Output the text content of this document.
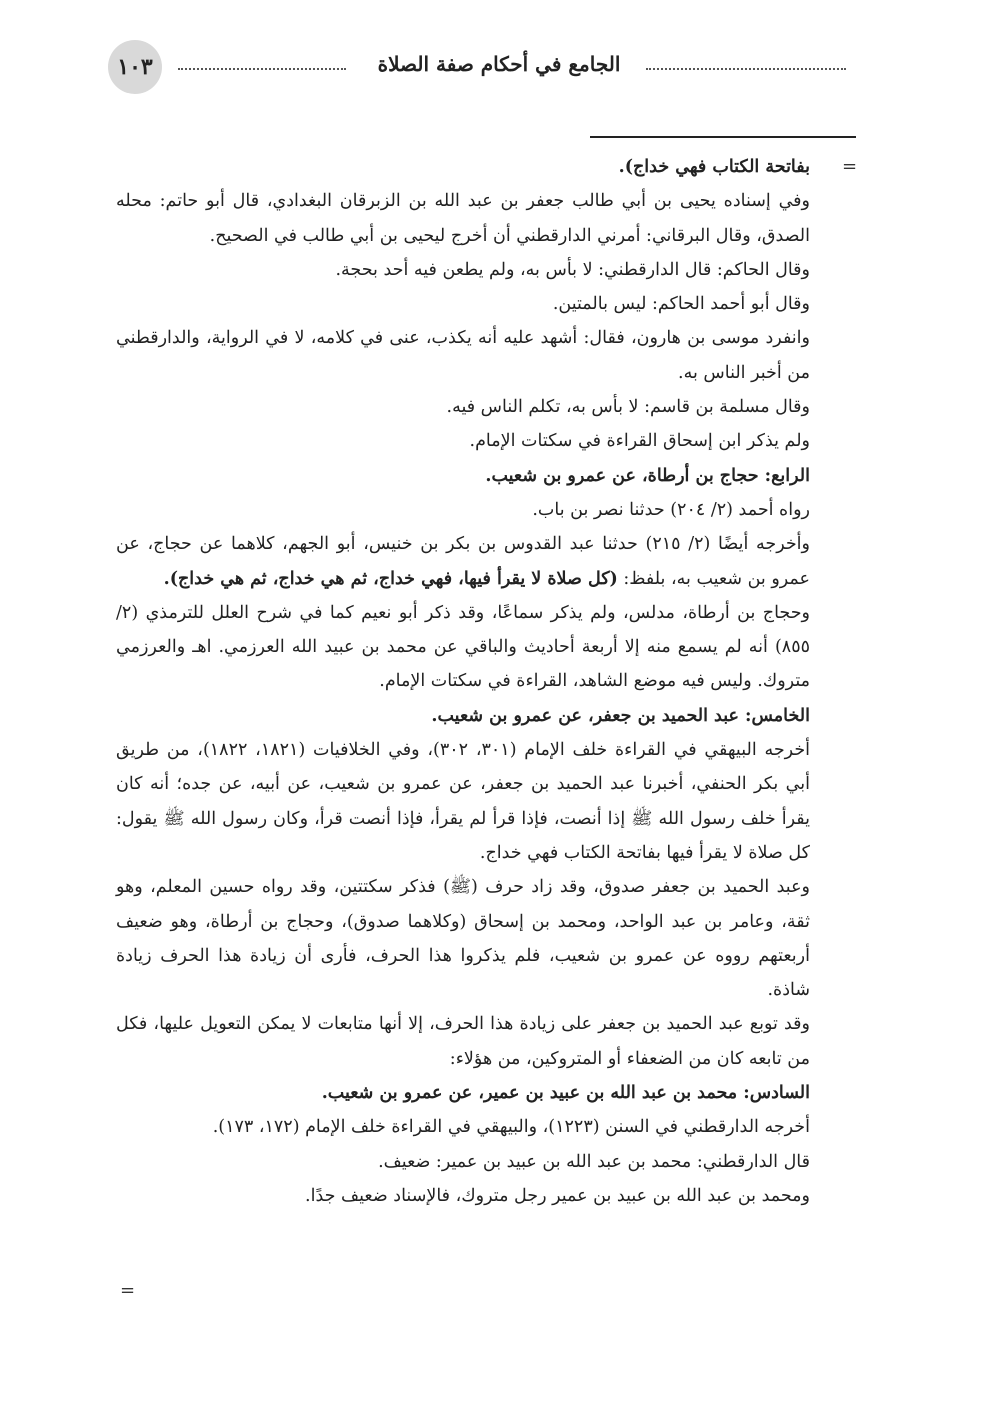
١٠٣	الجامع في أحكام صفة الصلاة
=
=

بفاتحة الكتاب فهي خداج).

وفي إسناده يحيى بن أبي طالب جعفر بن عبد الله بن الزبرقان البغدادي، قال أبو حاتم: محله الصدق، وقال البرقاني: أمرني الدارقطني أن أخرج ليحيى بن أبي طالب في الصحيح.

وقال الحاكم: قال الدارقطني: لا بأس به، ولم يطعن فيه أحد بحجة.

وقال أبو أحمد الحاكم: ليس بالمتين.

وانفرد موسى بن هارون، فقال: أشهد عليه أنه يكذب، عنى في كلامه، لا في الرواية، والدارقطني من أخبر الناس به.

وقال مسلمة بن قاسم: لا بأس به، تكلم الناس فيه.

ولم يذكر ابن إسحاق القراءة في سكتات الإمام.

الرابع: حجاج بن أرطاة، عن عمرو بن شعيب.

رواه أحمد (٢/ ٢٠٤) حدثنا نصر بن باب.

وأخرجه أيضًا (٢/ ٢١٥) حدثنا عبد القدوس بن بكر بن خنيس، أبو الجهم، كلاهما عن حجاج، عن عمرو بن شعيب به، بلفظ: (كل صلاة لا يقرأ فيها، فهي خداج، ثم هي خداج، ثم هي خداج).

وحجاج بن أرطاة، مدلس، ولم يذكر سماعًا، وقد ذكر أبو نعيم كما في شرح العلل للترمذي (٢/ ٨٥٥) أنه لم يسمع منه إلا أربعة أحاديث والباقي عن محمد بن عبيد الله العرزمي. اهـ والعرزمي متروك. وليس فيه موضع الشاهد، القراءة في سكتات الإمام.

الخامس: عبد الحميد بن جعفر، عن عمرو بن شعيب.

أخرجه البيهقي في القراءة خلف الإمام (٣٠١، ٣٠٢)، وفي الخلافيات (١٨٢١، ١٨٢٢)، من طريق أبي بكر الحنفي، أخبرنا عبد الحميد بن جعفر، عن عمرو بن شعيب، عن أبيه، عن جده؛ أنه كان يقرأ خلف رسول الله ﷺ إذا أنصت، فإذا قرأ لم يقرأ، فإذا أنصت قرأ، وكان رسول الله ﷺ يقول: كل صلاة لا يقرأ فيها بفاتحة الكتاب فهي خداج.

وعبد الحميد بن جعفر صدوق، وقد زاد حرف (ﷺ) فذكر سكتتين، وقد رواه حسين المعلم، وهو ثقة، وعامر بن عبد الواحد، ومحمد بن إسحاق (وكلاهما صدوق)، وحجاج بن أرطاة، وهو ضعيف أربعتهم رووه عن عمرو بن شعيب، فلم يذكروا هذا الحرف، فأرى أن زيادة هذا الحرف زيادة شاذة.

وقد توبع عبد الحميد بن جعفر على زيادة هذا الحرف، إلا أنها متابعات لا يمكن التعويل عليها، فكل من تابعه كان من الضعفاء أو المتروكين، من هؤلاء:

السادس: محمد بن عبد الله بن عبيد بن عمير، عن عمرو بن شعيب.

أخرجه الدارقطني في السنن (١٢٢٣)، والبيهقي في القراءة خلف الإمام (١٧٢، ١٧٣).

قال الدارقطني: محمد بن عبد الله بن عبيد بن عمير: ضعيف.

ومحمد بن عبد الله بن عبيد بن عمير رجل متروك، فالإسناد ضعيف جدًا.
